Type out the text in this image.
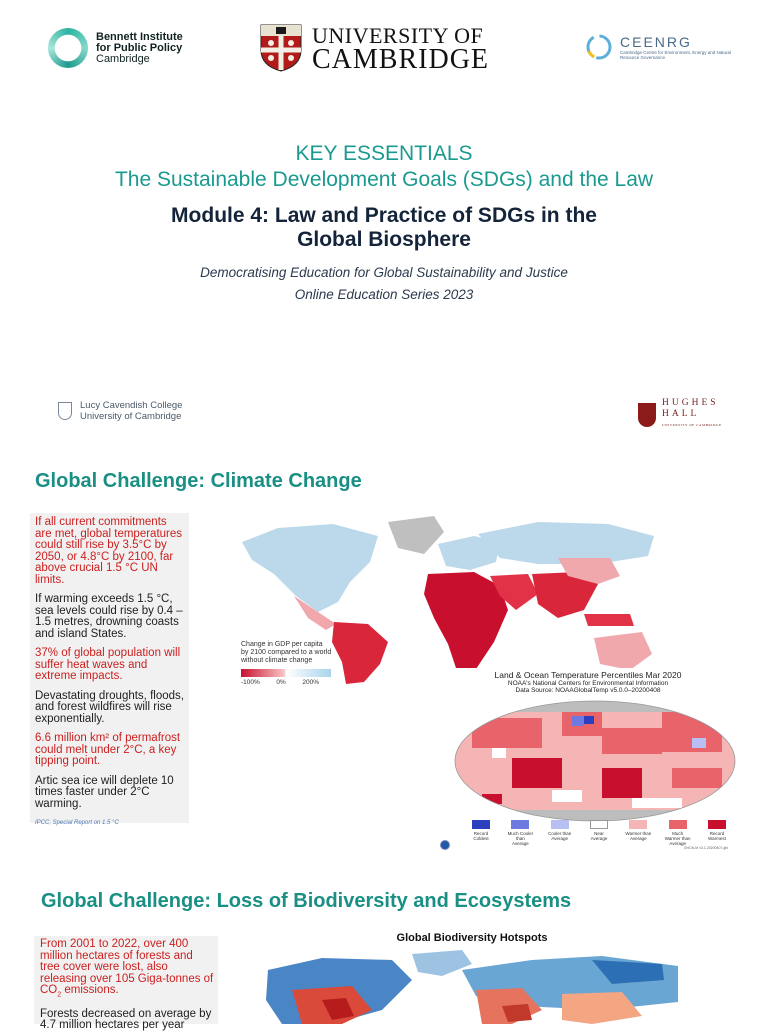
Bennett Institute
for Public Policy
Cambridge
UNIVERSITY OF
CAMBRIDGE
CEENRG
Cambridge Centre for Environment, Energy and Natural Resource Governance
KEY ESSENTIALS
The Sustainable Development Goals (SDGs) and the Law
Module 4: Law and Practice of SDGs in the
Global Biosphere
Democratising Education for Global Sustainability and Justice
Online Education Series 2023
Lucy Cavendish College
University of Cambridge
HUGHES
HALL
UNIVERSITY OF CAMBRIDGE
Global Challenge: Climate Change

If all current commitments are met, global temperatures could still rise by 3.5°C by 2050, or 4.8°C by 2100, far above crucial 1.5 °C UN limits.

If warming exceeds 1.5 °C, sea levels could rise by 0.4 – 1.5 metres, drowning coasts and island States.

37% of global population will suffer heat waves and extreme impacts.

Devastating droughts, floods, and forest wildfires will rise exponentially.

6.6 million km² of permafrost could melt under 2°C, a key tipping point.

Artic sea ice will deplete 10 times faster under 2°C warming.

IPCC, Special Report on 1.5 °C

Change in GDP per capita
by 2100 compared to a world
without climate change
-100%	0%	200%
Land & Ocean Temperature Percentiles Mar 2020
NOAA's National Centers for Environmental Information
Data Source: NOAAGlobalTemp v5.0.0–20200408
Record Coldest
Much Cooler than Average
Cooler than Average
Near Average
Warmer than Average
Much Warmer than Average
Record Warmest
GHCN-M v3.1.20200407.gbl
Global Challenge: Loss of Biodiversity and Ecosystems

From 2001 to 2022, over 400 million hectares of forests and tree cover were lost, also releasing over 105 Giga-tonnes of $CO_2$ emissions.

Forests decreased on average by 4.7 million hectares per year

Global Biodiversity Hotspots
